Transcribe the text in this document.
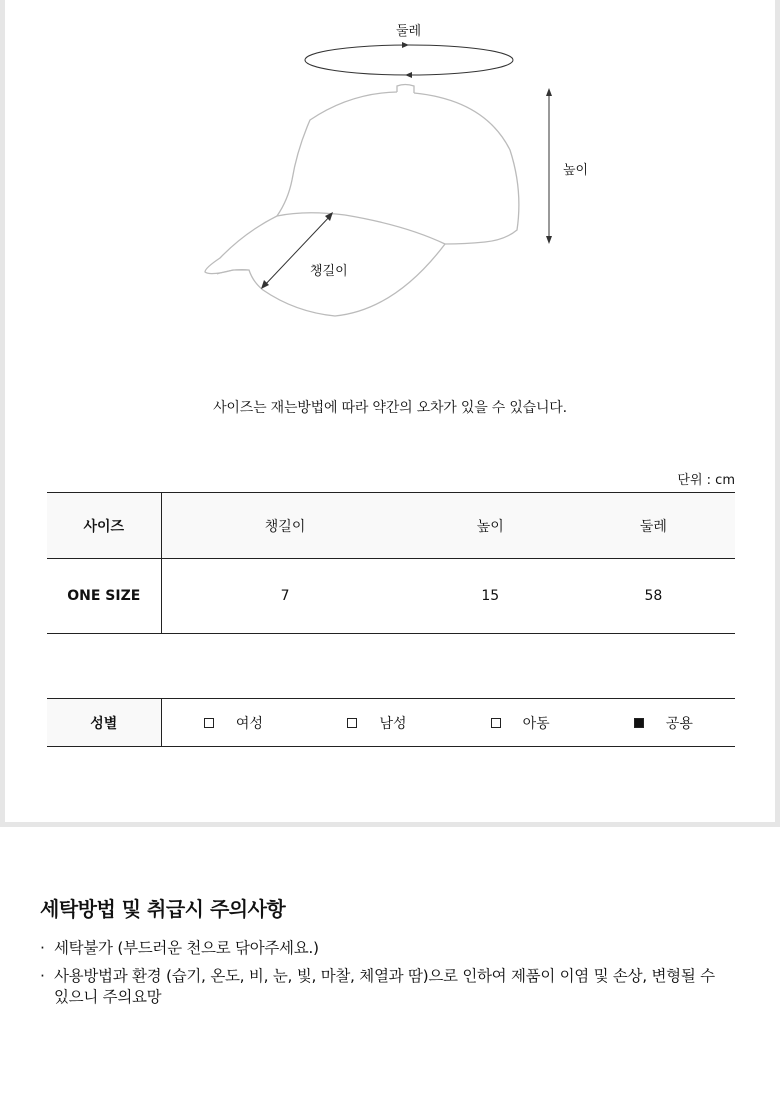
둘레
높이
챙길이

사이즈는 재는방법에 따라 약간의 오차가 있을 수 있습니다.

단위 : cm
사이즈	챙길이	높이	둘레
ONE SIZE	7	15	58
성별	여성	남성	아동	공용
세탁방법 및 취급시 주의사항
· 세탁불가 (부드러운 천으로 닦아주세요.)
· 사용방법과 환경 (습기, 온도, 비, 눈, 빛, 마찰, 체열과 땀)으로 인하여 제품이 이염 및 손상, 변형될 수 있으니 주의요망
